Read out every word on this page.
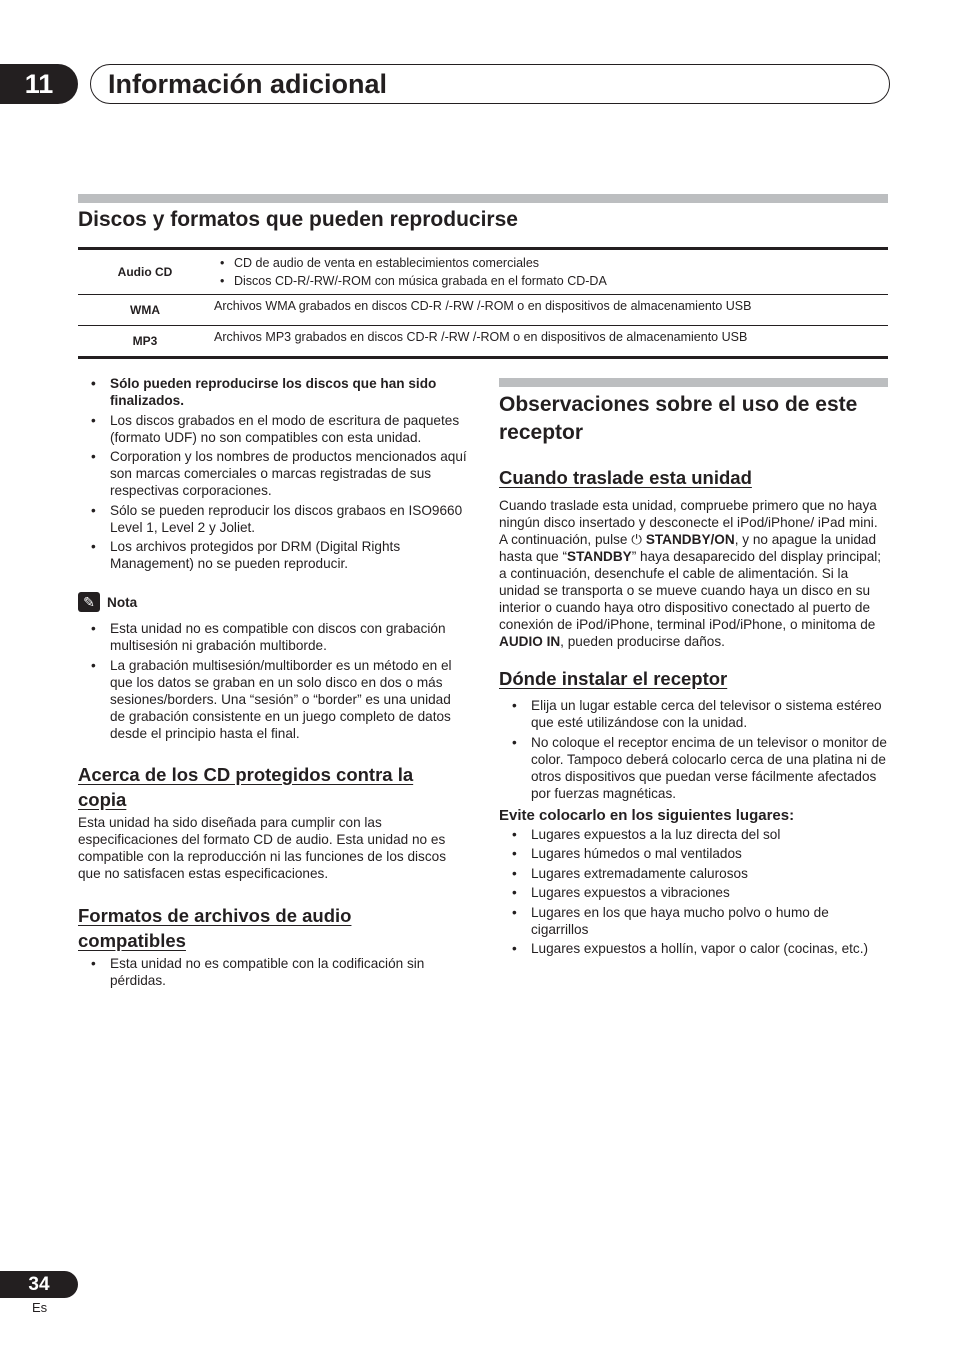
11	Información adicional
Discos y formatos que pueden reproducirse
Audio CD	• CD de audio de venta en establecimientos comerciales
• Discos CD-R/-RW/-ROM con música grabada en el formato CD-DA

WMA	Archivos WMA grabados en discos CD-R /-RW /-ROM o en dispositivos de almacenamiento USB
MP3	Archivos MP3 grabados en discos CD-R /-RW /-ROM o en dispositivos de almacenamiento USB
• Sólo pueden reproducirse los discos que han sido finalizados.
• Los discos grabados en el modo de escritura de paquetes (formato UDF) no son compatibles con esta unidad.
• Corporation y los nombres de productos mencionados aquí son marcas comerciales o marcas registradas de sus respectivas corporaciones.
• Sólo se pueden reproducir los discos grabaos en ISO9660 Level 1, Level 2 y Joliet.
• Los archivos protegidos por DRM (Digital Rights Management) no se pueden reproducir.
✎ Nota
• Esta unidad no es compatible con discos con grabación multisesión ni grabación multiborde.
• La grabación multisesión/multiborder es un método en el que los datos se graban en un solo disco en dos o más sesiones/borders. Una “sesión” o “border” es una unidad de grabación consistente en un juego completo de datos desde el principio hasta el final.
Acerca de los CD protegidos contra la copia
Esta unidad ha sido diseñada para cumplir con las especificaciones del formato CD de audio. Esta unidad no es compatible con la reproducción ni las funciones de los discos que no satisfacen estas especificaciones.
Formatos de archivos de audio compatibles
• Esta unidad no es compatible con la codificación sin pérdidas.
Observaciones sobre el uso de este receptor
Cuando traslade esta unidad
Cuando traslade esta unidad, compruebe primero que no haya ningún disco insertado y desconecte el iPod/iPhone/ iPad mini. A continuación, pulse ⏻ STANDBY/ON, y no apague la unidad hasta que “STANDBY” haya desaparecido del display principal; a continuación, desenchufe el cable de alimentación. Si la unidad se transporta o se mueve cuando haya un disco en su interior o cuando haya otro dispositivo conectado al puerto de conexión de iPod/iPhone, terminal iPod/iPhone, o minitoma de AUDIO IN, pueden producirse daños.
Dónde instalar el receptor
• Elija un lugar estable cerca del televisor o sistema estéreo que esté utilizándose con la unidad.
• No coloque el receptor encima de un televisor o monitor de color. Tampoco deberá colocarlo cerca de una platina ni de otros dispositivos que puedan verse fácilmente afectados por fuerzas magnéticas.
Evite colocarlo en los siguientes lugares:
• Lugares expuestos a la luz directa del sol
• Lugares húmedos o mal ventilados
• Lugares extremadamente calurosos
• Lugares expuestos a vibraciones
• Lugares en los que haya mucho polvo o humo de cigarrillos
• Lugares expuestos a hollín, vapor o calor (cocinas, etc.)
34
Es
